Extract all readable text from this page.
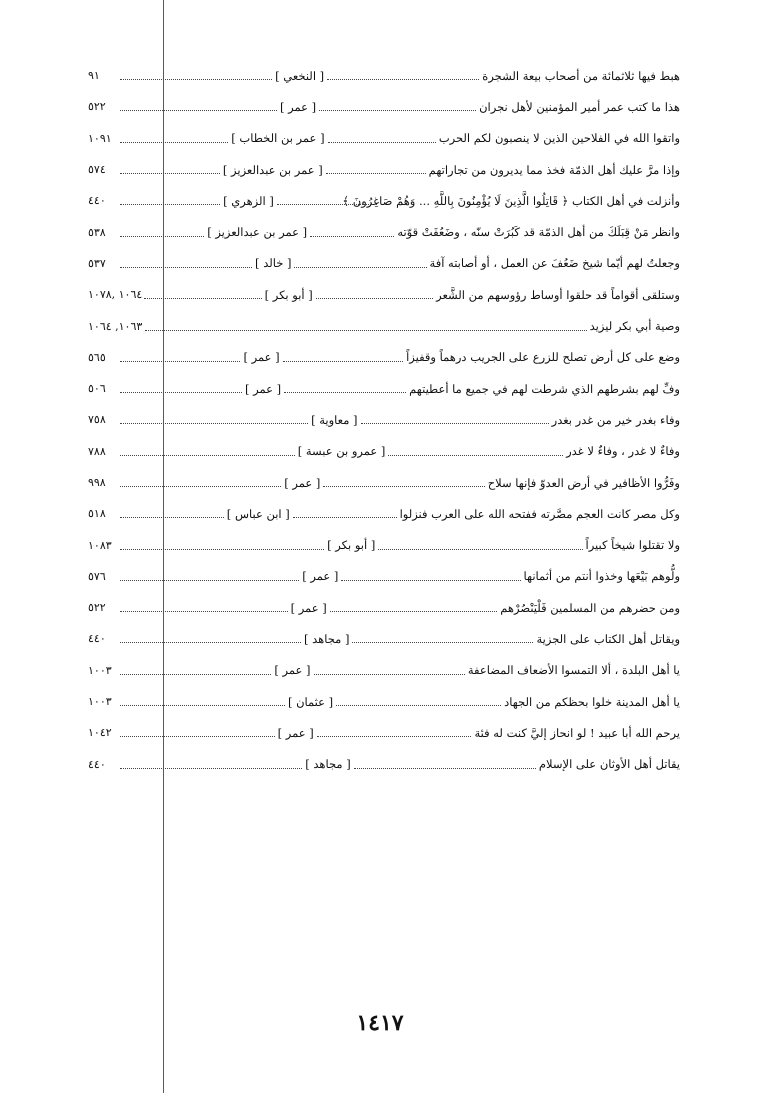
هبط فيها ثلاثمائة من أصحاب بيعة الشجرة
[ النخعي ]
٩١
هذا ما كتب عمر أمير المؤمنين لأهل نجران
[ عمر ]
٥٢٢
واتقوا الله في الفلاحين الذين لا ينصبون لكم الحرب
[ عمر بن الخطاب ]
١٠٩١
وإذا مرَّ عليك أهل الذمّة فخذ مما يديرون من تجاراتهم
[ عمر بن عبدالعزيز ]
٥٧٤
وأنزلت في أهل الكتاب ﴿ قَاتِلُوا الَّذِينَ لَا يُؤْمِنُونَ بِاللَّهِ ... وَهُمْ صَاغِرُونَ ﴾
[ الزهري ]
٤٤٠
وانظر مَنْ قِبَلَكَ من أهل الذمّة قد كَبُرَتْ سنّه ، وضَعُفَتْ قوّته
[ عمر بن عبدالعزيز ]
٥٣٨
وجعلتُ لهم أيّما شيخ ضَعُفَ عن العمل ، أو أصابته آفة
[ خالد ]
٥٣٧
وستلقى أقواماً قد حلقوا أوساط رؤوسهم من الشَّعر
[ أبو بكر ]
١٠٦٤ ,١٠٧٨
وصية أبي بكر ليزيد
١٠٦٣, ١٠٦٤
وضع على كل أرض تصلح للزرع على الجريب درهماً وقفيزاً
[ عمر ]
٥٦٥
وفِّ لهم بشرطهم الذي شرطت لهم في جميع ما أعطيتهم
[ عمر ]
٥٠٦
وفاء بغدر خير من غدر بغدر
[ معاوية ]
٧٥٨
وفاءٌ لا غدر ، وفاءٌ لا غدر
[ عمرو بن عبسة ]
٧٨٨
وفَرُّوا الأظافير في أرض العدوّ فإنها سلاح
[ عمر ]
٩٩٨
وكل مصر كانت العجم مصَّرته ففتحه الله على العرب فنزلوا
[ ابن عباس ]
٥١٨
ولا تقتلوا شيخاً كبيراً
[ أبو بكر ]
١٠٨٣
ولُّوهم بَيْعَها وخذوا أنتم من أثمانها
[ عمر ]
٥٧٦
ومن حضرهم من المسلمين فَلْيَنْصُرْهم
[ عمر ]
٥٢٢
ويقاتل أهل الكتاب على الجزية
[ مجاهد ]
٤٤٠
يا أهل البلدة ، ألا التمسوا الأضعاف المضاعفة
[ عمر ]
١٠٠٣
يا أهل المدينة خلوا بحظكم من الجهاد
[ عثمان ]
١٠٠٣
يرحم الله أبا عبيد ! لو انحاز إليَّ كنت له فئة
[ عمر ]
١٠٤٢
يقاتل أهل الأوثان على الإسلام
[ مجاهد ]
٤٤٠
١٤١٧
